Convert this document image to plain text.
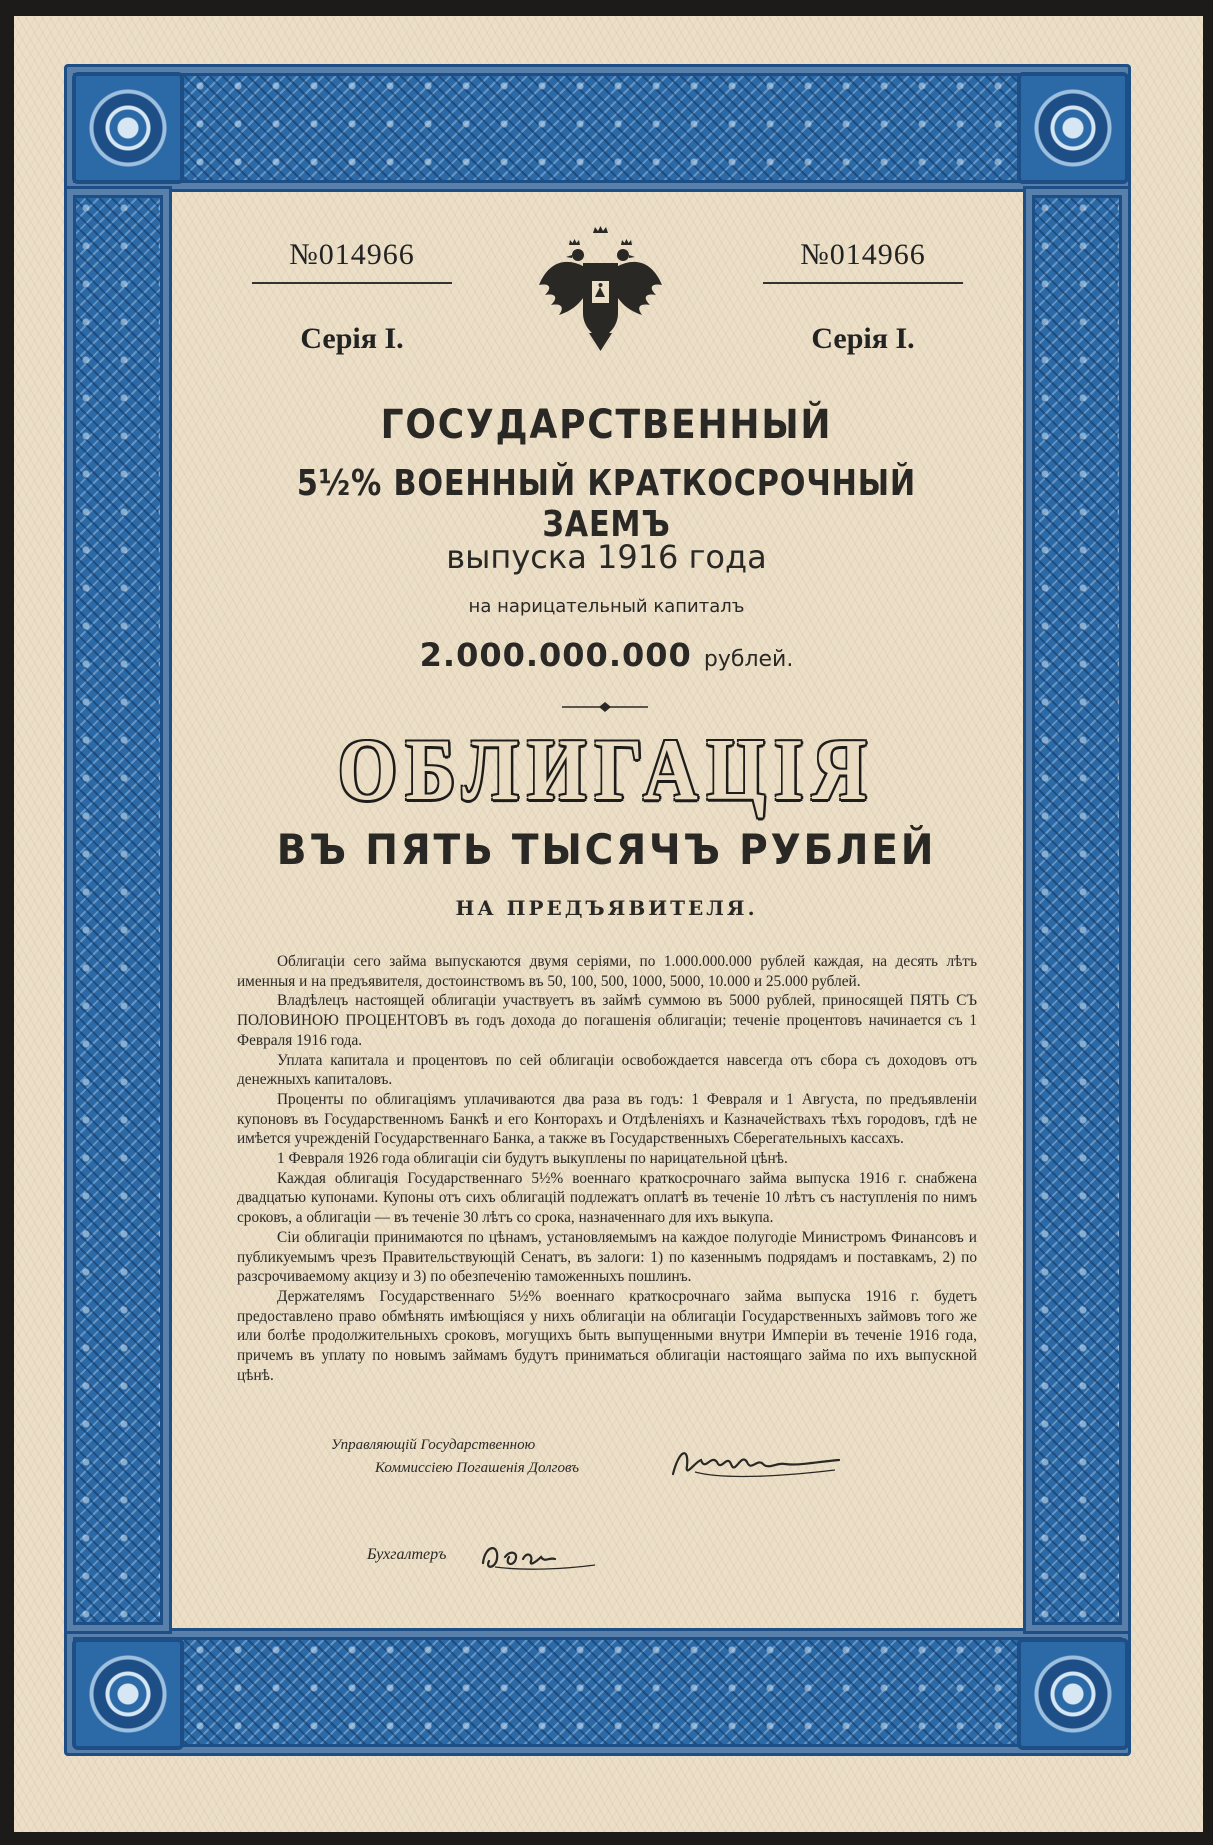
№014966
Серія I.
№014966
Серія I.
ГОСУДАРСТВЕННЫЙ
5½% ВОЕННЫЙ КРАТКОСРОЧНЫЙ ЗАЕМЪ
выпуска 1916 года
на нарицательный капиталъ
2.000.000.000 рублей.
ОБЛИГАЦІЯ
ВЪ ПЯТЬ ТЫСЯЧЪ РУБЛЕЙ
НА ПРЕДЪЯВИТЕЛЯ.

Облигаціи сего займа выпускаются двумя серіями, по 1.000.000.000 рублей каждая, на десять лѣтъ именныя и на предъявителя, достоинствомъ въ 50, 100, 500, 1000, 5000, 10.000 и 25.000 рублей.

Владѣлецъ настоящей облигаціи участвуетъ въ займѣ суммою въ 5000 рублей, приносящей ПЯТЬ СЪ ПОЛОВИНОЮ ПРОЦЕНТОВЪ въ годъ дохода до погашенія облигаціи; теченіе процентовъ начинается съ 1 Февраля 1916 года.

Уплата капитала и процентовъ по сей облигаціи освобождается навсегда отъ сбора съ доходовъ отъ денежныхъ капиталовъ.

Проценты по облигаціямъ уплачиваются два раза въ годъ: 1 Февраля и 1 Августа, по предъявленіи купоновъ въ Государственномъ Банкѣ и его Конторахъ и Отдѣленіяхъ и Казначействахъ тѣхъ городовъ, гдѣ не имѣется учрежденій Государственнаго Банка, а также въ Государственныхъ Сберегательныхъ кассахъ.

1 Февраля 1926 года облигаціи сіи будутъ выкуплены по нарицательной цѣнѣ.

Каждая облигація Государственнаго 5½% военнаго краткосрочнаго займа выпуска 1916 г. снабжена двадцатью купонами. Купоны отъ сихъ облигацій подлежатъ оплатѣ въ теченіе 10 лѣтъ съ наступленія по нимъ сроковъ, а облигаціи — въ теченіе 30 лѣтъ со срока, назначеннаго для ихъ выкупа.

Сіи облигаціи принимаются по цѣнамъ, установляемымъ на каждое полугодіе Министромъ Финансовъ и публикуемымъ чрезъ Правительствующій Сенатъ, въ залоги: 1) по казеннымъ подрядамъ и поставкамъ, 2) по разсрочиваемому акцизу и 3) по обезпеченію таможенныхъ пошлинъ.

Держателямъ Государственнаго 5½% военнаго краткосрочнаго займа выпуска 1916 г. будетъ предоставлено право обмѣнять имѣющіяся у нихъ облигаціи на облигаціи Государственныхъ займовъ того же или болѣе продолжительныхъ сроковъ, могущихъ быть выпущенными внутри Имперіи въ теченіе 1916 года, причемъ въ уплату по новымъ займамъ будутъ приниматься облигаціи настоящаго займа по ихъ выпускной цѣнѣ.

Управляющій Государственною
Коммиссіею Погашенія Долговъ
Бухгалтеръ
